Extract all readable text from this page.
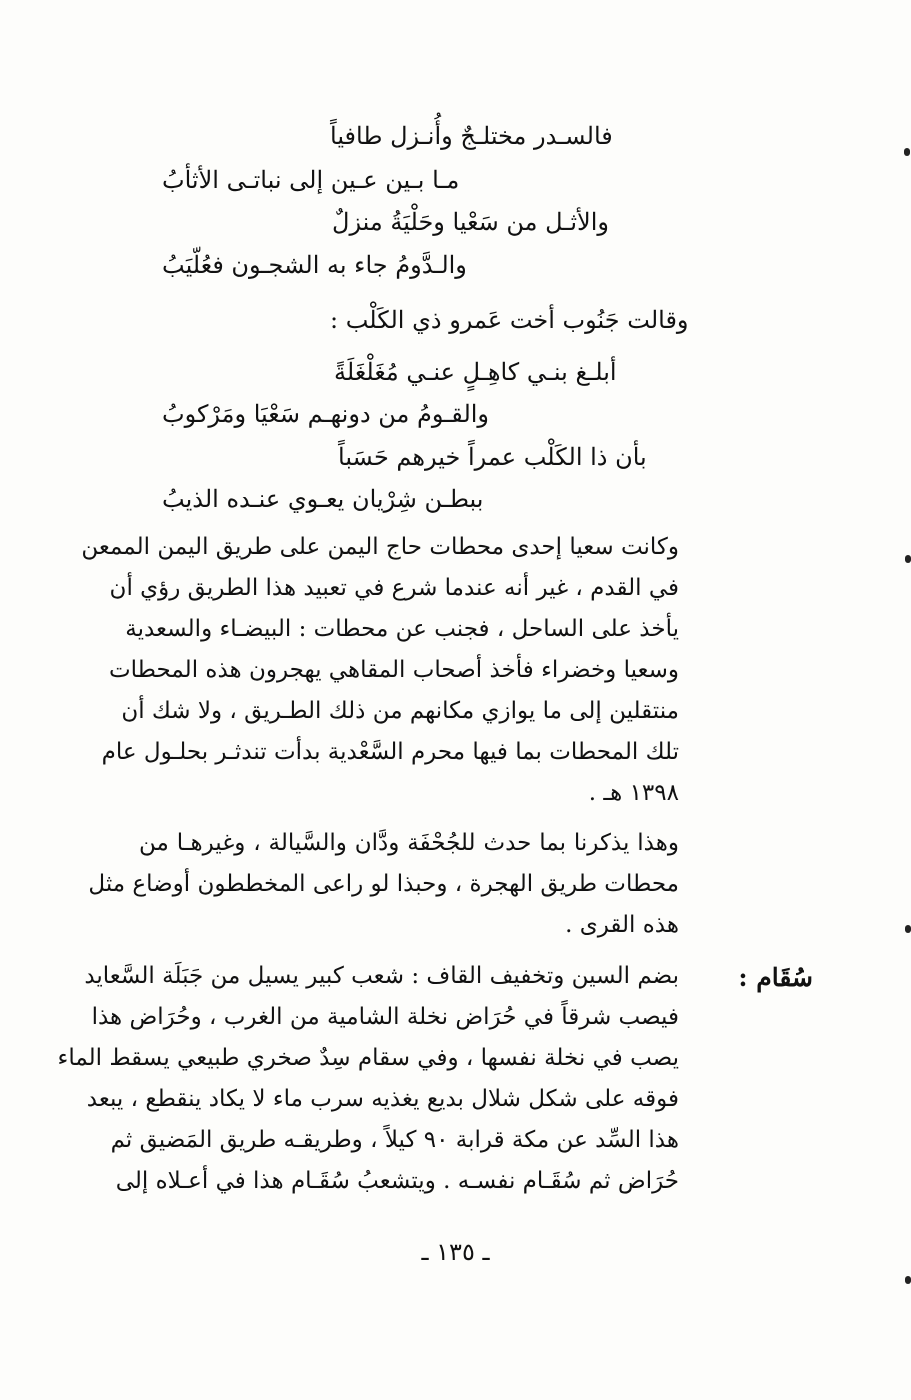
فالسـدر مختلـجٌ وأُنـزل طافياً
مـا بـين عـين إلى نباتـى الأثأبُ
والأثـل من سَعْيا وحَلْيَةُ منزلٌ
والـدَّومُ جاء به الشجـون فعُلّيَبُ
وقالت جَنُوب أخت عَمرو ذي الكَلْب :
أبلـغ بنـي كاهِـلٍ عنـي مُغَلْغَلَةً
والقـومُ من دونهـم سَعْيَا ومَرْكوبُ
بأن ذا الكَلْب عمراً خيرهم حَسَباً
ببطـن شِرْيان يعـوي عنـده الذيبُ
وكانت سعيا إحدى محطات حاج اليمن على طريق اليمن الممعن
في القدم ، غير أنه عندما شرع في تعبيد هذا الطريق رؤي أن
يأخذ على الساحل ، فجنب عن محطات : البيضـاء والسعدية
وسعيا وخضراء فأخذ أصحاب المقاهي يهجرون هذه المحطات
منتقلين إلى ما يوازي مكانهم من ذلك الطـريق ، ولا شك أن
تلك المحطات بما فيها محرم السَّعْدية بدأت تندثـر بحلـول عام
١٣٩٨ هـ .
وهذا يذكرنا بما حدث للجُحْفَة ودَّان والسَّيالة ، وغيرهـا من
محطات طريق الهجرة ، وحبذا لو راعى المخططون أوضاع مثل
هذه القرى .
سُقَام :
بضم السين وتخفيف القاف : شعب كبير يسيل من جَبَلَة السَّعايد
فيصب شرقاً في حُرَاض نخلة الشامية من الغرب ، وحُرَاض هذا
يصب في نخلة نفسها ، وفي سقام سِدٌ صخري طبيعي يسقط الماء
فوقه على شكل شلال بديع يغذيه سرب ماء لا يكاد ينقطع ، يبعد
هذا السِّد عن مكة قرابة ٩٠ كيلاً ، وطريقـه طريق المَضيق ثم
حُرَاض ثم سُقَـام نفسـه . ويتشعبُ سُقَـام هذا في أعـلاه إلى
ـ ١٣٥ ـ
